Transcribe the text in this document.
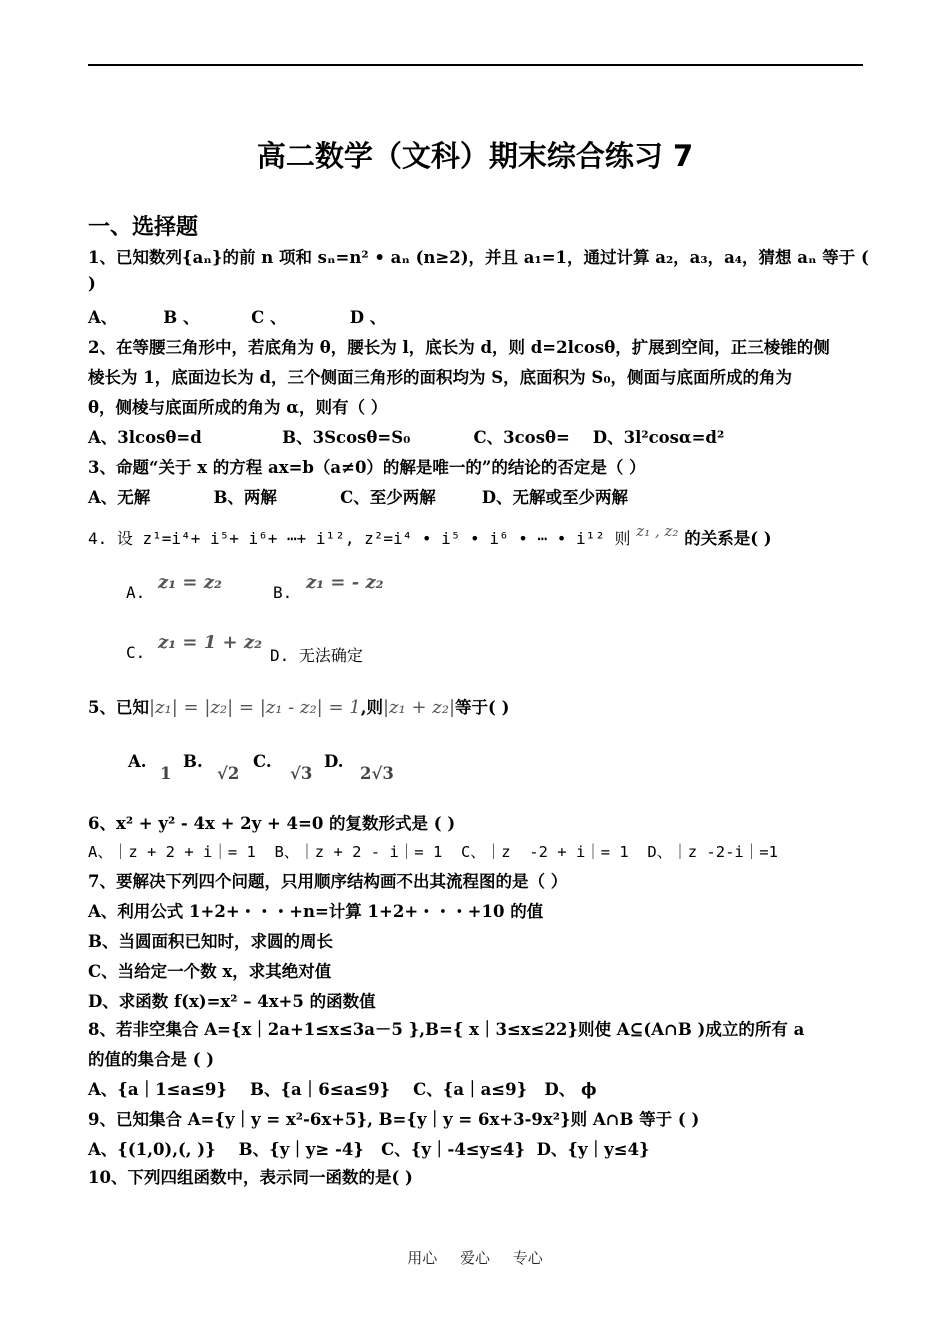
高二数学（文科）期末综合练习 7
一、选择题
1、已知数列{aₙ}的前 n 项和 sₙ=n² • aₙ (n≥2)，并且 a₁=1，通过计算 a₂，a₃，a₄，猜想 aₙ 等于 (
)
A、        B 、         C 、           D 、
2、在等腰三角形中，若底角为 θ，腰长为 l，底长为 d，则 d=2lcosθ，扩展到空间，正三棱锥的侧
棱长为 1，底面边长为 d，三个侧面三角形的面积均为 S，底面积为 S₀，侧面与底面所成的角为
θ，侧棱与底面所成的角为 α，则有（ ）
A、3lcosθ=d              B、3Scosθ=S₀           C、3cosθ=    D、3l²cosα=d²
3、命题“关于 x 的方程 ax=b（a≠0）的解是唯一的”的结论的否定是（ ）
A、无解           B、两解           C、至少两解        D、无解或至少两解
4. 设 z¹=i⁴+ i⁵+ i⁶+ ⋯+ i¹², z²=i⁴ • i⁵ • i⁶ • ⋯ • i¹² 则 z₁ , z₂ 的关系是( )
A. z₁ = z₂	B. z₁ = - z₂
C. z₁ = 1 + z₂
D. 无法确定
5、已知|z₁| = |z₂| = |z₁ - z₂| = 1,则|z₁ + z₂|等于( )
A.
1
B.
√2
C.
√3
D.
2√3
6、x² + y² - 4x + 2y + 4=0 的复数形式是 ( )
A、｜z + 2 + i｜= 1  B、｜z + 2 - i｜= 1  C、｜z  -2 + i｜= 1  D、｜z -2-i｜=1
7、要解决下列四个问题，只用顺序结构画不出其流程图的是（ ）
A、利用公式 1+2+・・・+n=计算 1+2+・・・+10 的值
B、当圆面积已知时，求圆的周长
C、当给定一个数 x，求其绝对值
D、求函数 f(x)=x² – 4x+5 的函数值
8、若非空集合 A={x｜2a+1≤x≤3a－5 },B={ x｜3≤x≤22}则使 A⊆(A∩B )成立的所有 a
的值的集合是 ( )
A、{a｜1≤a≤9}    B、{a｜6≤a≤9}    C、{a｜a≤9}   D、 ϕ
9、已知集合 A={y｜y = x²-6x+5}, B={y｜y = 6x+3-9x²}则 A∩B 等于 ( )
A、{(1,0),(, )}    B、{y｜y≥ -4}   C、{y｜-4≤y≤4}  D、{y｜y≤4}
10、下列四组函数中，表示同一函数的是( )
用心 爱心 专心
